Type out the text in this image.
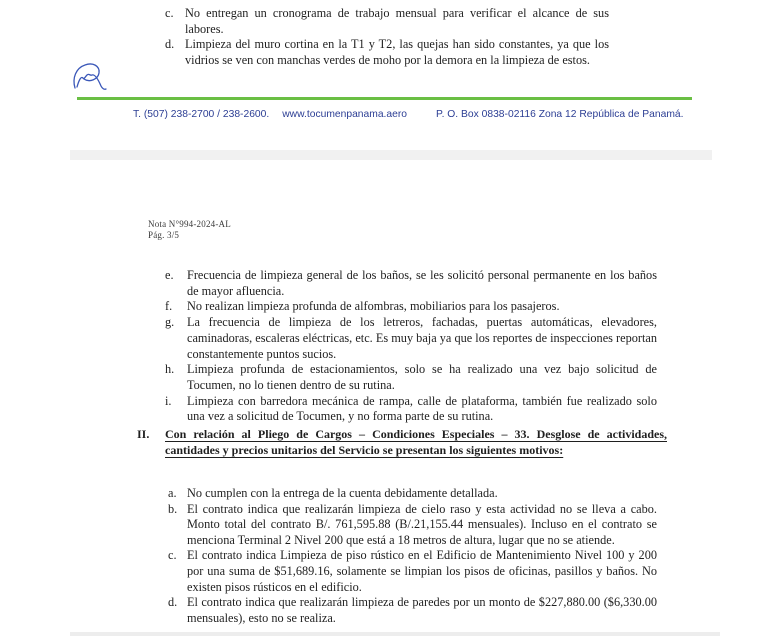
c. No entregan un cronograma de trabajo mensual para verificar el alcance de sus labores.

d. Limpieza del muro cortina en la T1 y T2, las quejas han sido constantes, ya que los vidrios se ven con manchas verdes de moho por la demora en la limpieza de estos.

T. (507) 238-2700 / 238-2600. www.tocumenpanama.aero	P. O. Box 0838-02116 Zona 12 República de Panamá.
Nota N°994-2024-AL
Pág. 3/5
e.	Frecuencia de limpieza general de los baños, se les solicitó personal permanente en los baños de mayor afluencia.

f.	No realizan limpieza profunda de alfombras, mobiliarios para los pasajeros.

g.	La frecuencia de limpieza de los letreros, fachadas, puertas automáticas, elevadores, caminadoras, escaleras eléctricas, etc. Es muy baja ya que los reportes de inspecciones reportan constantemente puntos sucios.

h.	Limpieza profunda de estacionamientos, solo se ha realizado una vez bajo solicitud de Tocumen, no lo tienen dentro de su rutina.

i.	Limpieza con barredora mecánica de rampa, calle de plataforma, también fue realizado solo una vez a solicitud de Tocumen, y no forma parte de su rutina.

II.	Con relación al Pliego de Cargos – Condiciones Especiales – 33. Desglose de actividades, cantidades y precios unitarios del Servicio se presentan los siguientes motivos:

a. No cumplen con la entrega de la cuenta debidamente detallada.

b. El contrato indica que realizarán limpieza de cielo raso y esta actividad no se lleva a cabo. Monto total del contrato B/. 761,595.88 (B/.21,155.44 mensuales). Incluso en el contrato se menciona Terminal 2 Nivel 200 que está a 18 metros de altura, lugar que no se atiende.

c. El contrato indica Limpieza de piso rústico en el Edificio de Mantenimiento Nivel 100 y 200 por una suma de $51,689.16, solamente se limpian los pisos de oficinas, pasillos y baños. No existen pisos rústicos en el edificio.

d. El contrato indica que realizarán limpieza de paredes por un monto de $227,880.00 ($6,330.00 mensuales), esto no se realiza.
